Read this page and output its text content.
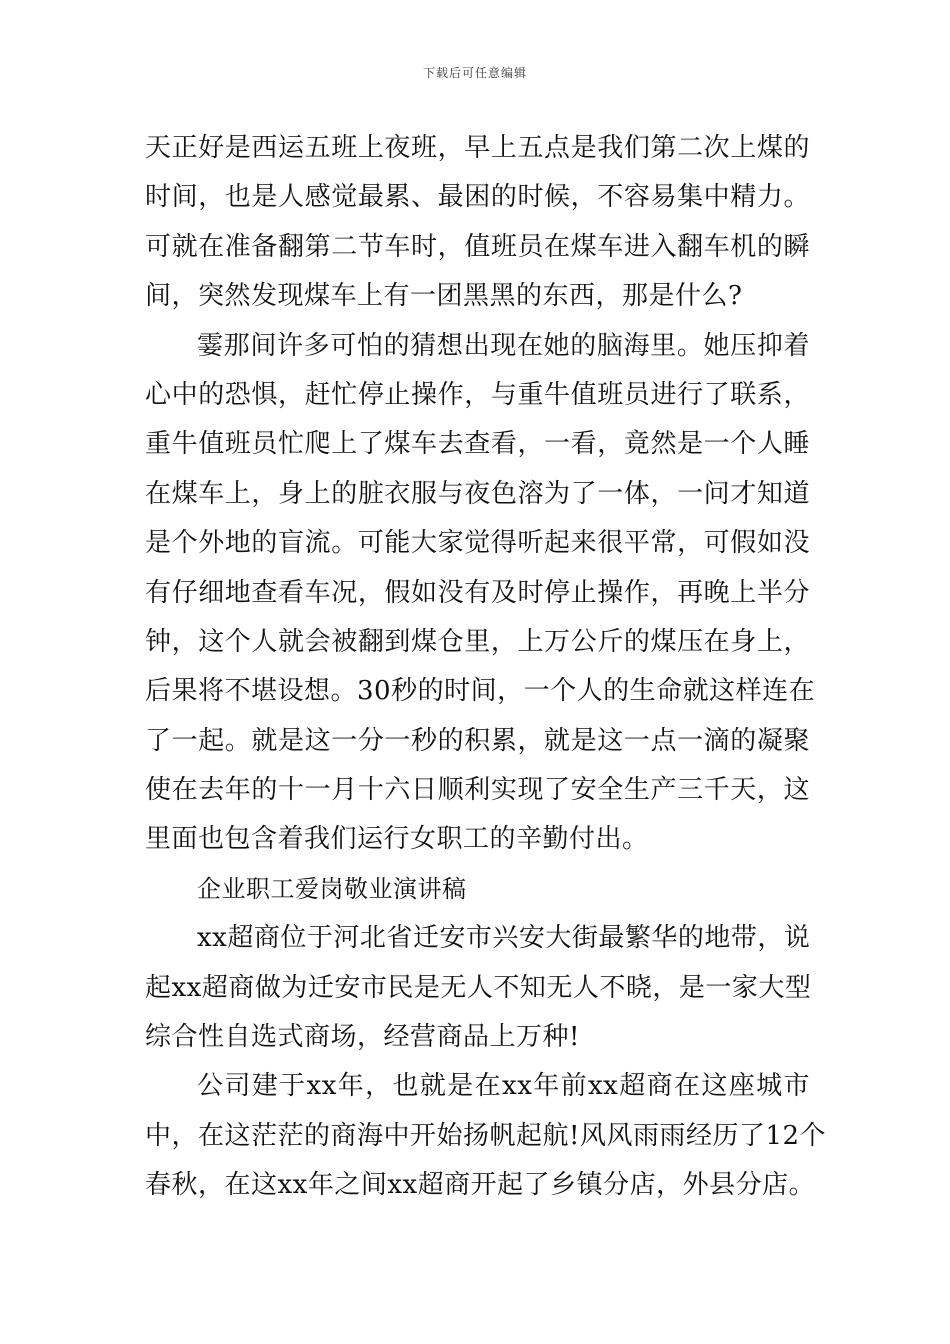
下载后可任意编辑
天正好是西运五班上夜班，早上五点是我们第二次上煤的
时间，也是人感觉最累、最困的时候，不容易集中精力。
可就在准备翻第二节车时，值班员在煤车进入翻车机的瞬
间，突然发现煤车上有一团黑黑的东西，那是什么?
霎那间许多可怕的猜想出现在她的脑海里。她压抑着
心中的恐惧，赶忙停止操作，与重牛值班员进行了联系，
重牛值班员忙爬上了煤车去查看，一看，竟然是一个人睡
在煤车上，身上的脏衣服与夜色溶为了一体，一问才知道
是个外地的盲流。可能大家觉得听起来很平常，可假如没
有仔细地查看车况，假如没有及时停止操作，再晚上半分
钟，这个人就会被翻到煤仓里，上万公斤的煤压在身上，
后果将不堪设想。30秒的时间，一个人的生命就这样连在
了一起。就是这一分一秒的积累，就是这一点一滴的凝聚
使在去年的十一月十六日顺利实现了安全生产三千天，这
里面也包含着我们运行女职工的辛勤付出。
企业职工爱岗敬业演讲稿
xx超商位于河北省迁安市兴安大街最繁华的地带，说
起xx超商做为迁安市民是无人不知无人不晓，是一家大型
综合性自选式商场，经营商品上万种!
公司建于xx年，也就是在xx年前xx超商在这座城市
中，在这茫茫的商海中开始扬帆起航!风风雨雨经历了12个
春秋，在这xx年之间xx超商开起了乡镇分店，外县分店。
